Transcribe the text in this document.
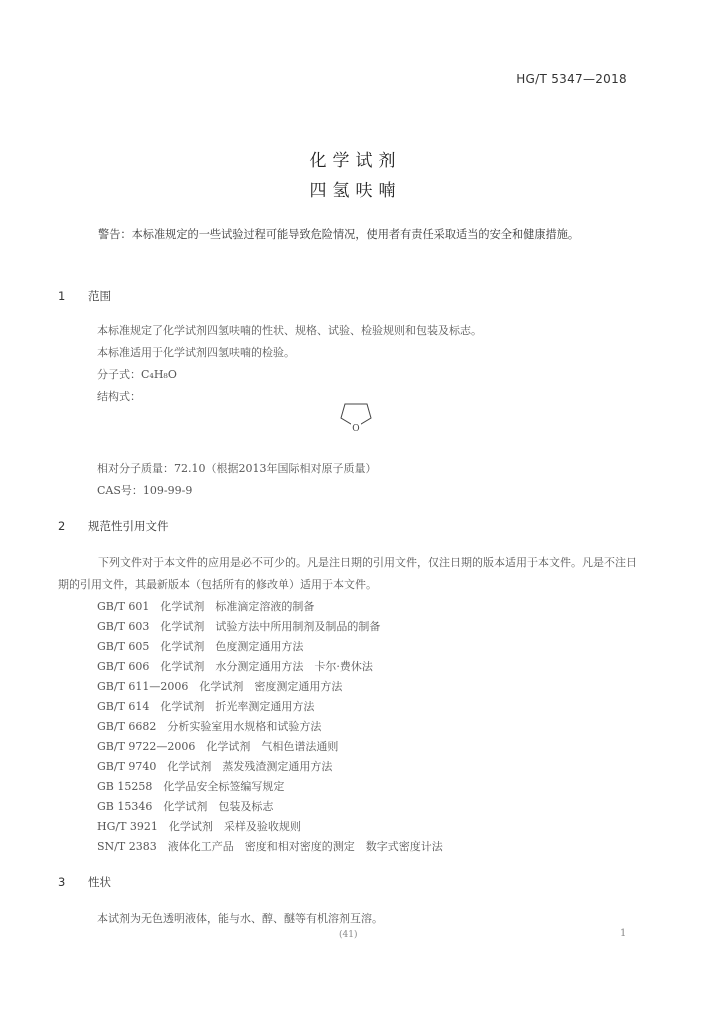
HG/T 5347—2018
化学试剂
四氢呋喃
警告：本标准规定的一些试验过程可能导致危险情况，使用者有责任采取适当的安全和健康措施。
1 范围
本标准规定了化学试剂四氢呋喃的性状、规格、试验、检验规则和包装及标志。
本标准适用于化学试剂四氢呋喃的检验。
分子式：C₄H₈O
结构式：
O
相对分子质量：72.10（根据2013年国际相对原子质量）
CAS号：109-99-9
2 规范性引用文件
下列文件对于本文件的应用是必不可少的。凡是注日期的引用文件，仅注日期的版本适用于本文件。凡是不注日期的引用文件，其最新版本（包括所有的修改单）适用于本文件。
GB/T 601　化学试剂　标准滴定溶液的制备
GB/T 603　化学试剂　试验方法中所用制剂及制品的制备
GB/T 605　化学试剂　色度测定通用方法
GB/T 606　化学试剂　水分测定通用方法　卡尔·费休法
GB/T 611—2006　化学试剂　密度测定通用方法
GB/T 614　化学试剂　折光率测定通用方法
GB/T 6682　分析实验室用水规格和试验方法
GB/T 9722—2006　化学试剂　气相色谱法通则
GB/T 9740　化学试剂　蒸发残渣测定通用方法
GB 15258　化学品安全标签编写规定
GB 15346　化学试剂　包装及标志
HG/T 3921　化学试剂　采样及验收规则
SN/T 2383　液体化工产品　密度和相对密度的测定　数字式密度计法
3 性状
本试剂为无色透明液体，能与水、醇、醚等有机溶剂互溶。
(41)	1
